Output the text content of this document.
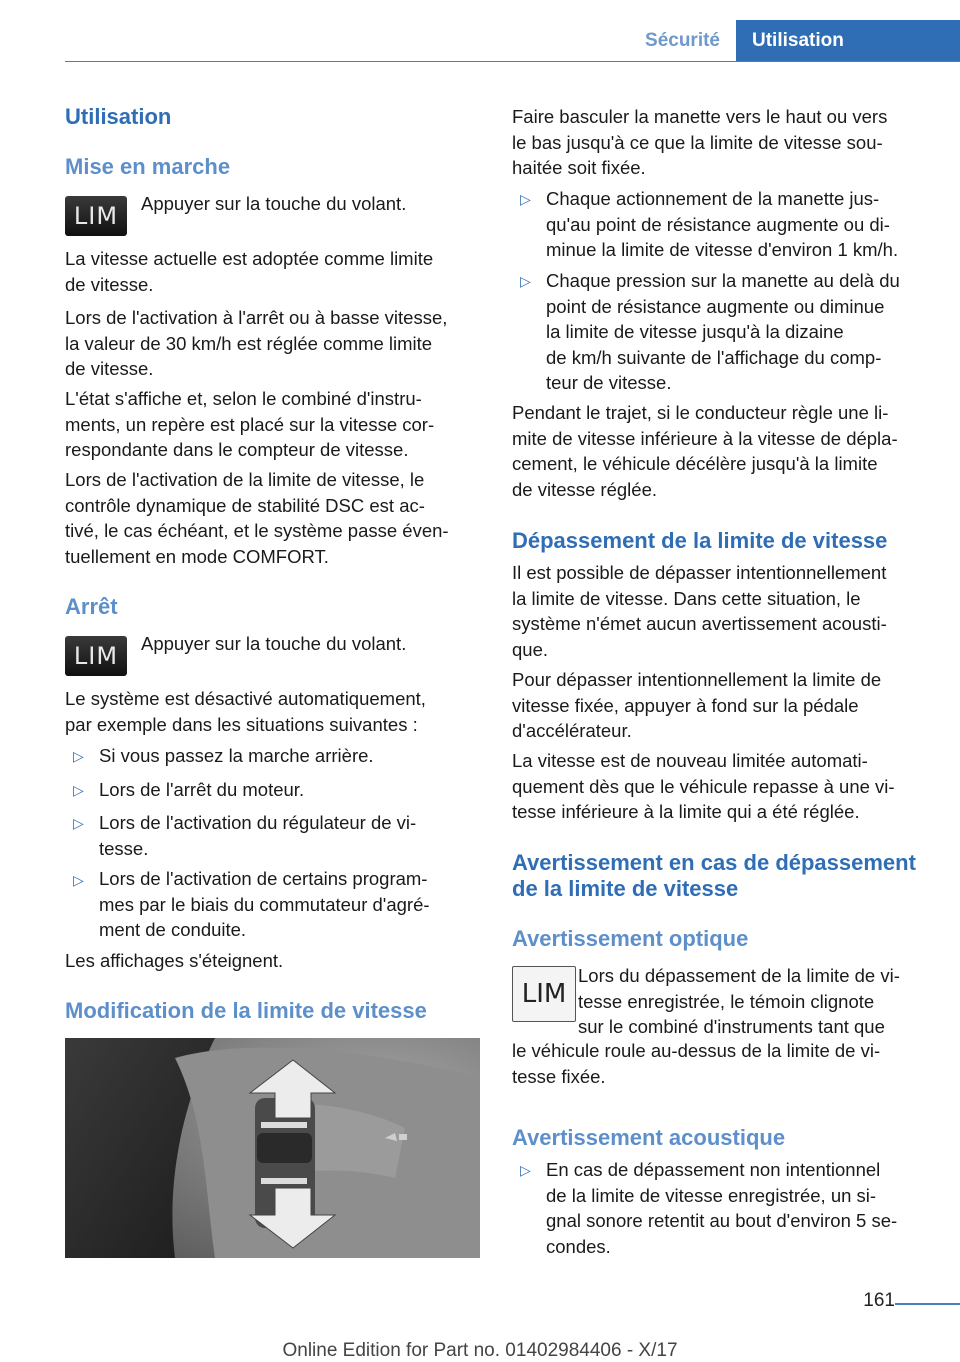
Sécurité	Utilisation
Utilisation
Mise en marche
LIM	Appuyer sur la touche du volant.

La vitesse actuelle est adoptée comme limite
de vitesse.

Lors de l'activation à l'arrêt ou à basse vitesse,
la valeur de 30 km/h est réglée comme limite
de vitesse.

L'état s'affiche et, selon le combiné d'instru-
ments, un repère est placé sur la vitesse cor-
respondante dans le compteur de vitesse.

Lors de l'activation de la limite de vitesse, le
contrôle dynamique de stabilité DSC est ac-
tivé, le cas échéant, et le système passe éven-
tuellement en mode COMFORT.

Arrêt
LIM	Appuyer sur la touche du volant.

Le système est désactivé automatiquement,
par exemple dans les situations suivantes :

▷ Si vous passez la marche arrière.

▷ Lors de l'arrêt du moteur.

▷ Lors de l'activation du régulateur de vi-
tesse.

▷ Lors de l'activation de certains program-
mes par le biais du commutateur d'agré-
ment de conduite.

Les affichages s'éteignent.

Modification de la limite de vitesse

Faire basculer la manette vers le haut ou vers
le bas jusqu'à ce que la limite de vitesse sou-
haitée soit fixée.

▷ Chaque actionnement de la manette jus-
qu'au point de résistance augmente ou di-
minue la limite de vitesse d'environ 1 km/h.

▷ Chaque pression sur la manette au delà du
point de résistance augmente ou diminue
la limite de vitesse jusqu'à la dizaine
de km/h suivante de l'affichage du comp-
teur de vitesse.

Pendant le trajet, si le conducteur règle une li-
mite de vitesse inférieure à la vitesse de dépla-
cement, le véhicule décélère jusqu'à la limite
de vitesse réglée.

Dépassement de la limite de vitesse

Il est possible de dépasser intentionnellement
la limite de vitesse. Dans cette situation, le
système n'émet aucun avertissement acousti-
que.

Pour dépasser intentionnellement la limite de
vitesse fixée, appuyer à fond sur la pédale
d'accélérateur.

La vitesse est de nouveau limitée automati-
quement dès que le véhicule repasse à une vi-
tesse inférieure à la limite qui a été réglée.

Avertissement en cas de dépassement
de la limite de vitesse
Avertissement optique
LIM

Lors du dépassement de la limite de vi-
tesse enregistrée, le témoin clignote
sur le combiné d'instruments tant que

le véhicule roule au-dessus de la limite de vi-
tesse fixée.

Avertissement acoustique
▷ En cas de dépassement non intentionnel
de la limite de vitesse enregistrée, un si-
gnal sonore retentit au bout d'environ 5 se-
condes.

161
Online Edition for Part no. 01402984406 - X/17
